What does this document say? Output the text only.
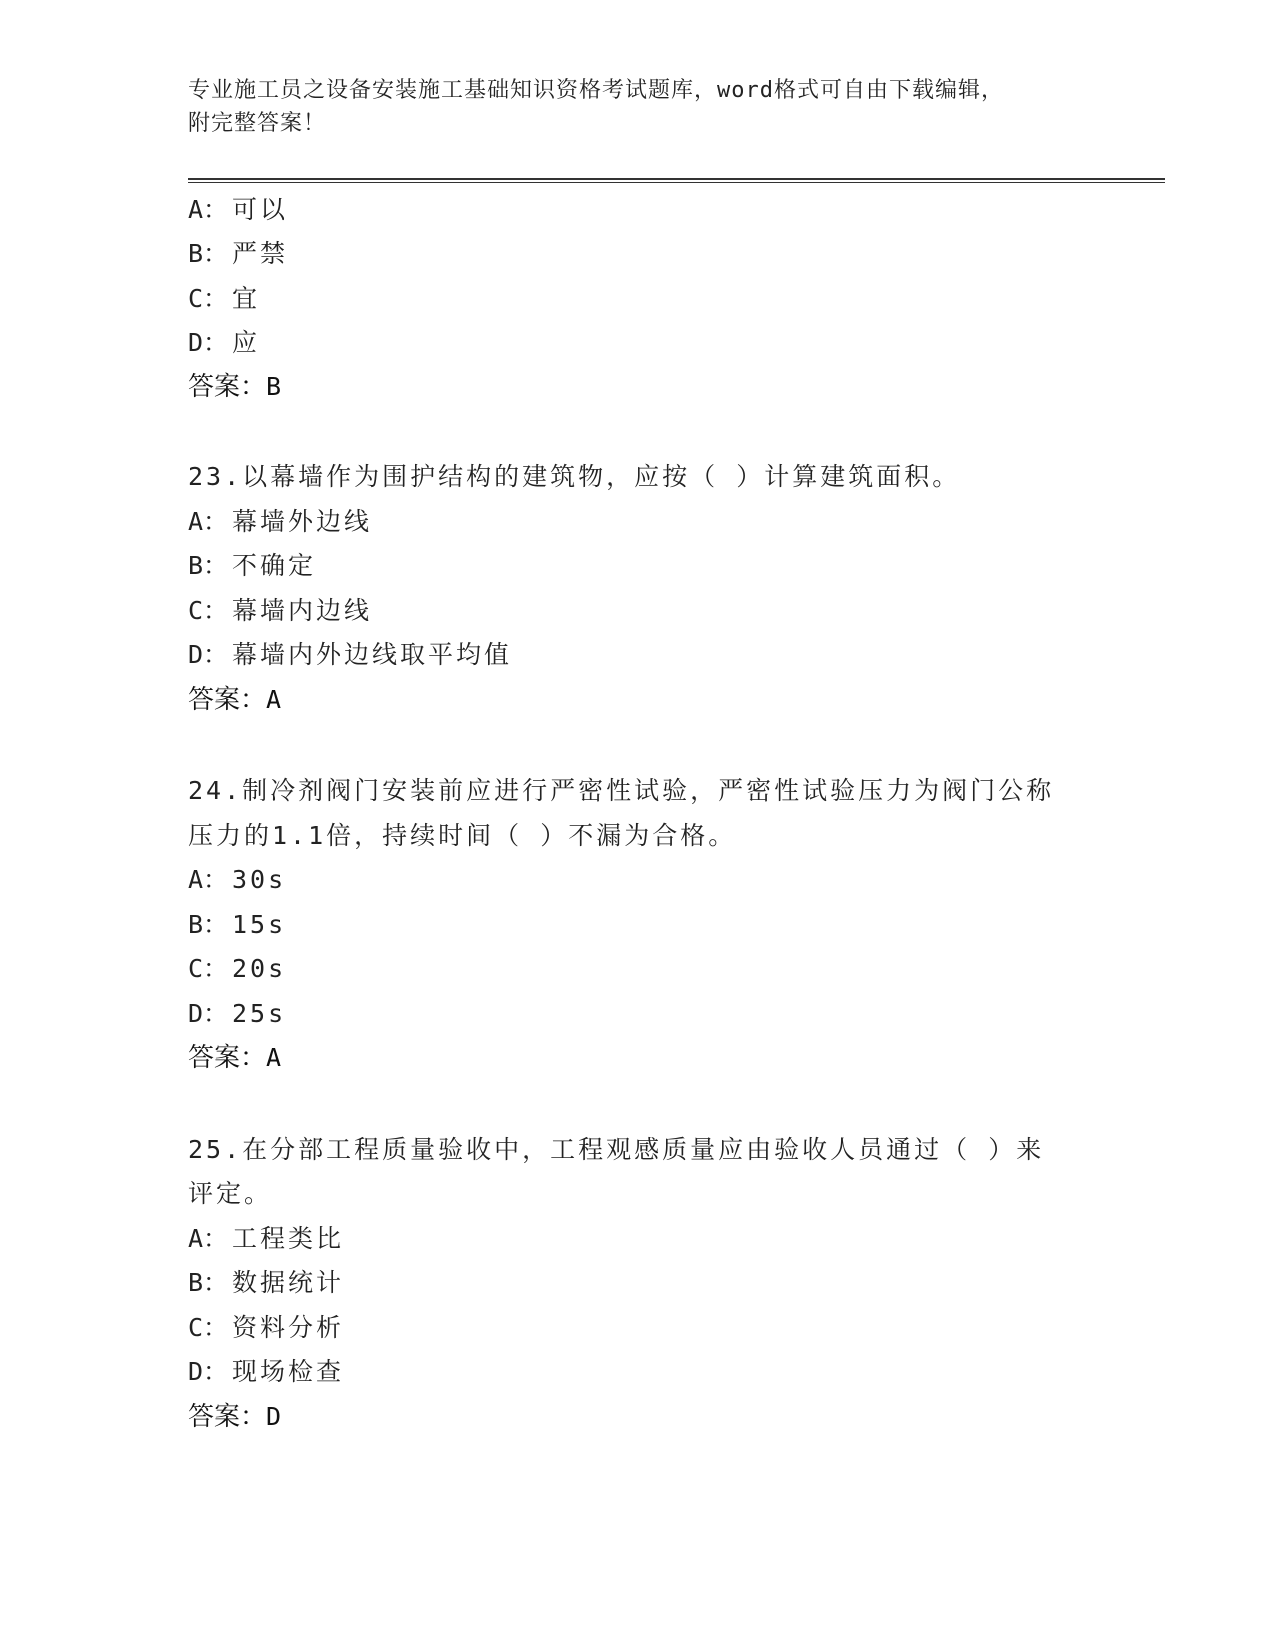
专业施工员之设备安装施工基础知识资格考试题库，word格式可自由下载编辑，
附完整答案！
A： 可以
B： 严禁
C： 宜
D： 应
答案：B
23.以幕墙作为围护结构的建筑物，应按（ ）计算建筑面积。
A： 幕墙外边线
B： 不确定
C： 幕墙内边线
D： 幕墙内外边线取平均值
答案：A
24.制冷剂阀门安装前应进行严密性试验，严密性试验压力为阀门公称
压力的1.1倍，持续时间（ ）不漏为合格。
A： 30s
B： 15s
C： 20s
D： 25s
答案：A
25.在分部工程质量验收中，工程观感质量应由验收人员通过（ ）来
评定。
A： 工程类比
B： 数据统计
C： 资料分析
D： 现场检查
答案：D
